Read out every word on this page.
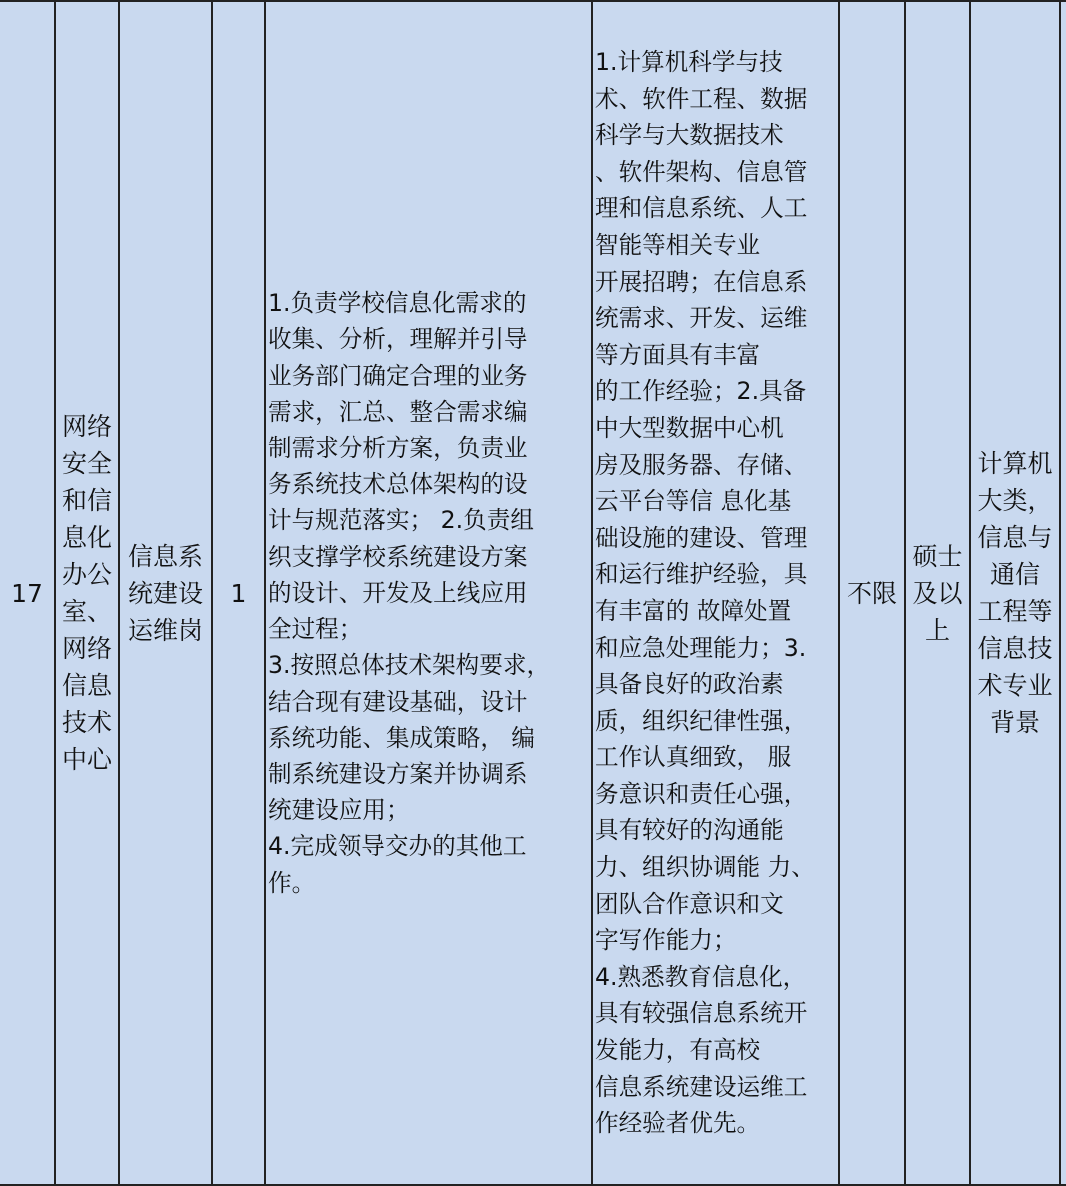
17
网络
安全
和信
息化
办公
室、
网络
信息
技术
中心
信息系
统建设
运维岗
1
1.负责学校信息化需求的
收集、分析，理解并引导
业务部门确定合理的业务
需求，汇总、整合需求编
制需求分析方案，负责业
务系统技术总体架构的设
计与规范落实； 2.负责组
织支撑学校系统建设方案
的设计、开发及上线应用
全过程；
3.按照总体技术架构要求，
结合现有建设基础，设计
系统功能、集成策略， 编
制系统建设方案并协调系
统建设应用；
4.完成领导交办的其他工
作。
1.计算机科学与技
术、软件工程、数据
科学与大数据技术
、软件架构、信息管
理和信息系统、人工
智能等相关专业
开展招聘；在信息系
统需求、开发、运维
等方面具有丰富
的工作经验；2.具备
中大型数据中心机
房及服务器、存储、
云平台等信 息化基
础设施的建设、管理
和运行维护经验，具
有丰富的 故障处置
和应急处理能力；3.
具备良好的政治素
质，组织纪律性强，
工作认真细致， 服
务意识和责任心强，
具有较好的沟通能
力、组织协调能 力、
团队合作意识和文
字写作能力；
4.熟悉教育信息化，
具有较强信息系统开
发能力，有高校
信息系统建设运维工
作经验者优先。
不限
硕士
及以
上
计算机
大类，
信息与
通信
工程等
信息技
术专业
背景
